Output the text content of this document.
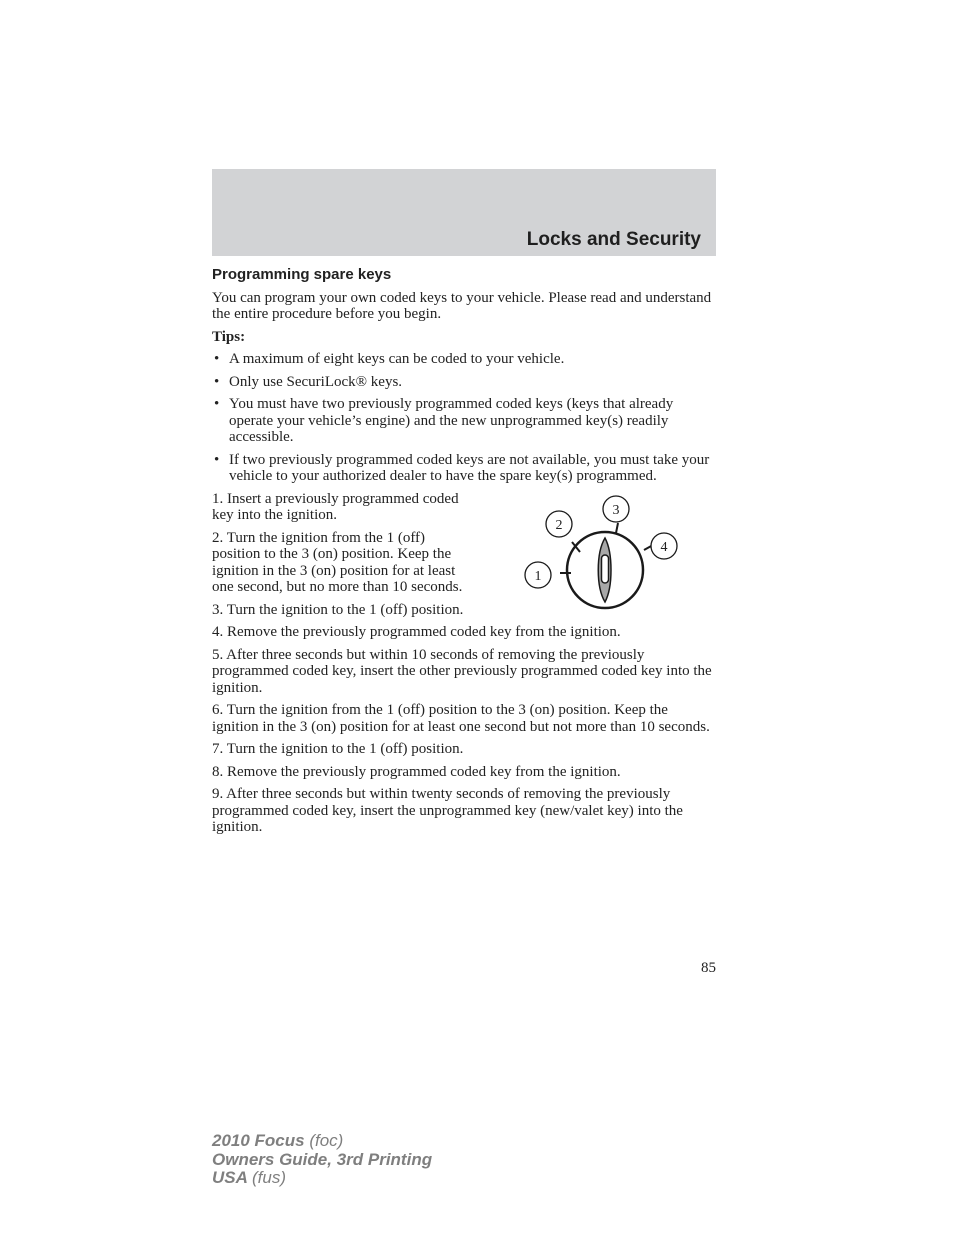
Locks and Security
Programming spare keys

You can program your own coded keys to your vehicle. Please read and understand the entire procedure before you begin.

Tips:
• A maximum of eight keys can be coded to your vehicle.
• Only use SecuriLock® keys.
• You must have two previously programmed coded keys (keys that already operate your vehicle’s engine) and the new unprogrammed key(s) readily accessible.
• If two previously programmed coded keys are not available, you must take your vehicle to your authorized dealer to have the spare key(s) programmed.
1
2
3
4

1. Insert a previously programmed coded key into the ignition.

2. Turn the ignition from the 1 (off) position to the 3 (on) position. Keep the ignition in the 3 (on) position for at least one second, but no more than 10 seconds.

3. Turn the ignition to the 1 (off) position.

4. Remove the previously programmed coded key from the ignition.

5. After three seconds but within 10 seconds of removing the previously programmed coded key, insert the other previously programmed coded key into the ignition.

6. Turn the ignition from the 1 (off) position to the 3 (on) position. Keep the ignition in the 3 (on) position for at least one second but not more than 10 seconds.

7. Turn the ignition to the 1 (off) position.

8. Remove the previously programmed coded key from the ignition.

9. After three seconds but within twenty seconds of removing the previously programmed coded key, insert the unprogrammed key (new/valet key) into the ignition.

85
2010 Focus (foc)
Owners Guide, 3rd Printing
USA (fus)
